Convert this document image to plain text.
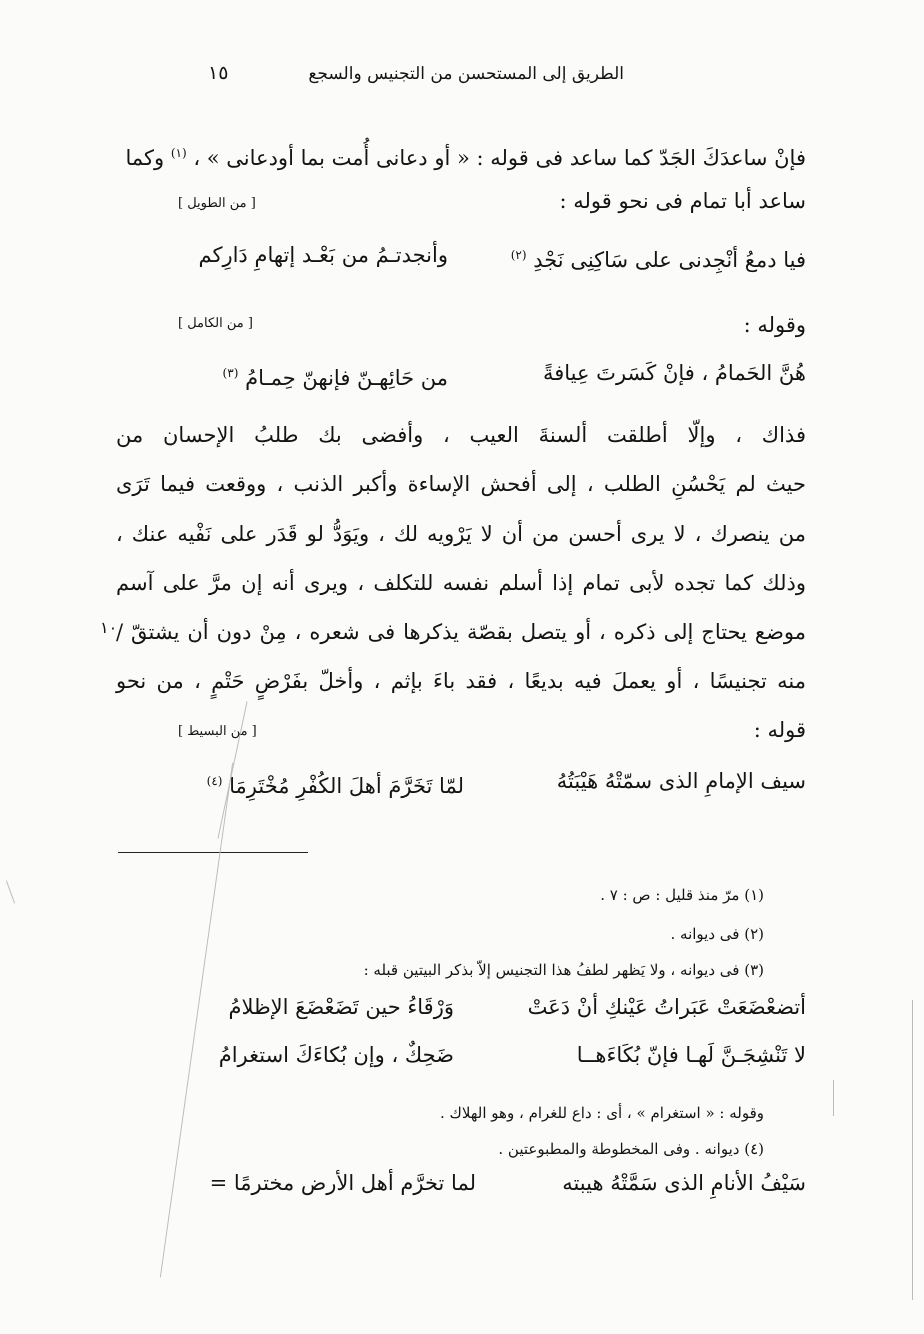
الطريق إلى المستحسن من التجنيس والسجع
١٥
فإنْ ساعدَكَ الجَدّ كما ساعد فى قوله : « أو دعانى أُمت بما أودعانى » ، $^{(١)}$ وكما
ساعد أبا تمام فى نحو قوله :
[ من الطويل ]
وأنجدتـمُ من بَعْـد إتهامِ دَارِكم	فيا دمعُ أنْجِدنى على سَاكِنِى نَجْدِ $^{(٢)}$
وقوله :
[ من الكامل ]
هُنَّ الحَمامُ ، فإنْ كَسَرتَ عِيافةً
من حَائِهـنّ فإنهنّ حِمـامُ $^{(٣)}$
فذاك ، وإلّا أطلقت ألسنةَ العيب ، وأفضى بك طلبُ الإحسان من
حيث لم يَحْسُنِ الطلب ، إلى أفحش الإساءة وأكبر الذنب ، ووقعت فيما تَرَى
من ينصرك ، لا يرى أحسن من أن لا يَرْويه لك ، ويَوَدُّ لو قَدَر على نَفْيه عنك ،
وذلك كما تجده لأبى تمام إذا أسلم نفسه للتكلف ، ويرى أنه إن مرَّ على آسم
موضع يحتاج إلى ذكره ، أو يتصل بقصّة يذكرها فى شعره ، مِنْ دون أن يشتقّ /
منه تجنيسًا ، أو يعملَ فيه بديعًا ، فقد باءَ بإثم ، وأخلّ بفَرْضٍ حَتْمٍ ، من نحو
١٠
قوله :
[ من البسيط ]
سيف الإمامِ الذى سمّتْهُ هَيْبَتُهُ
لمّا تَخَرَّمَ أهلَ الكُفْرِ مُخْتَرِمَا $^{(٤)}$
(١) مرّ منذ قليل : ص : ٧ .
(٢) فى ديوانه .
(٣) فى ديوانه ، ولا يَظهر لطفُ هذا التجنيس إلاّ بذكر البيتين قبله :
أتضعْضَعَتْ عَبَراتُ عَيْنكِ أنْ دَعَتْ
وَرْقَاءُ حين تَضَعْضَعَ الإظلامُ
لا تَنْشِجَـنَّ لَهـا فإنّ بُكَاءَهــا
ضَحِكٌ ، وإن بُكاءَكَ استغرامُ
وقوله : « استغرام » ، أى : داع للغرام ، وهو الهلاك .
(٤) ديوانه . وفى المخطوطة والمطبوعتين .
سَيْفُ الأنامِ الذى سَمَّتْهُ هيبته
لما تخرَّم أهل الأرض مخترمًا =
